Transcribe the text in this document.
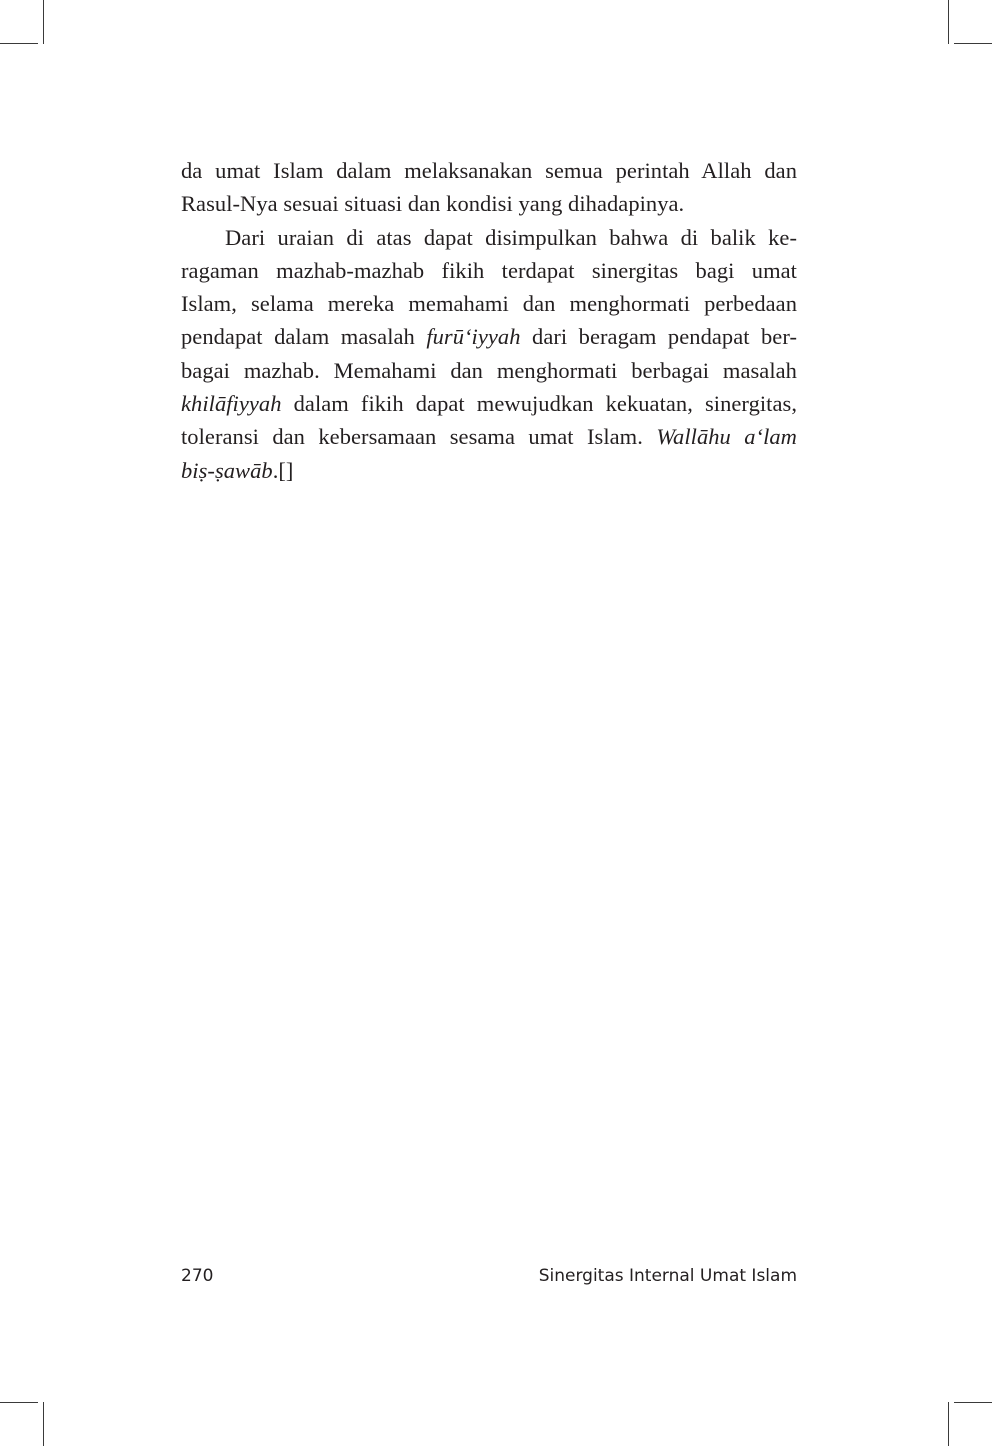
da umat Islam dalam melaksanakan semua perintah Allah dan
Rasul-Nya sesuai situasi dan kondisi yang dihadapinya.
Dari uraian di atas dapat disimpulkan bahwa di balik ke-
ragaman mazhab-mazhab fikih terdapat sinergitas bagi umat
Islam, selama mereka memahami dan menghormati perbedaan
pendapat dalam masalah furū‘iyyah dari beragam pendapat ber-
bagai mazhab. Memahami dan menghormati berbagai masalah
khilāfiyyah dalam fikih dapat mewujudkan kekuatan, sinergitas,
toleransi dan kebersamaan sesama umat Islam. Wallāhu a‘lam
biṣ-ṣawāb.[]
270	Sinergitas Internal Umat Islam
